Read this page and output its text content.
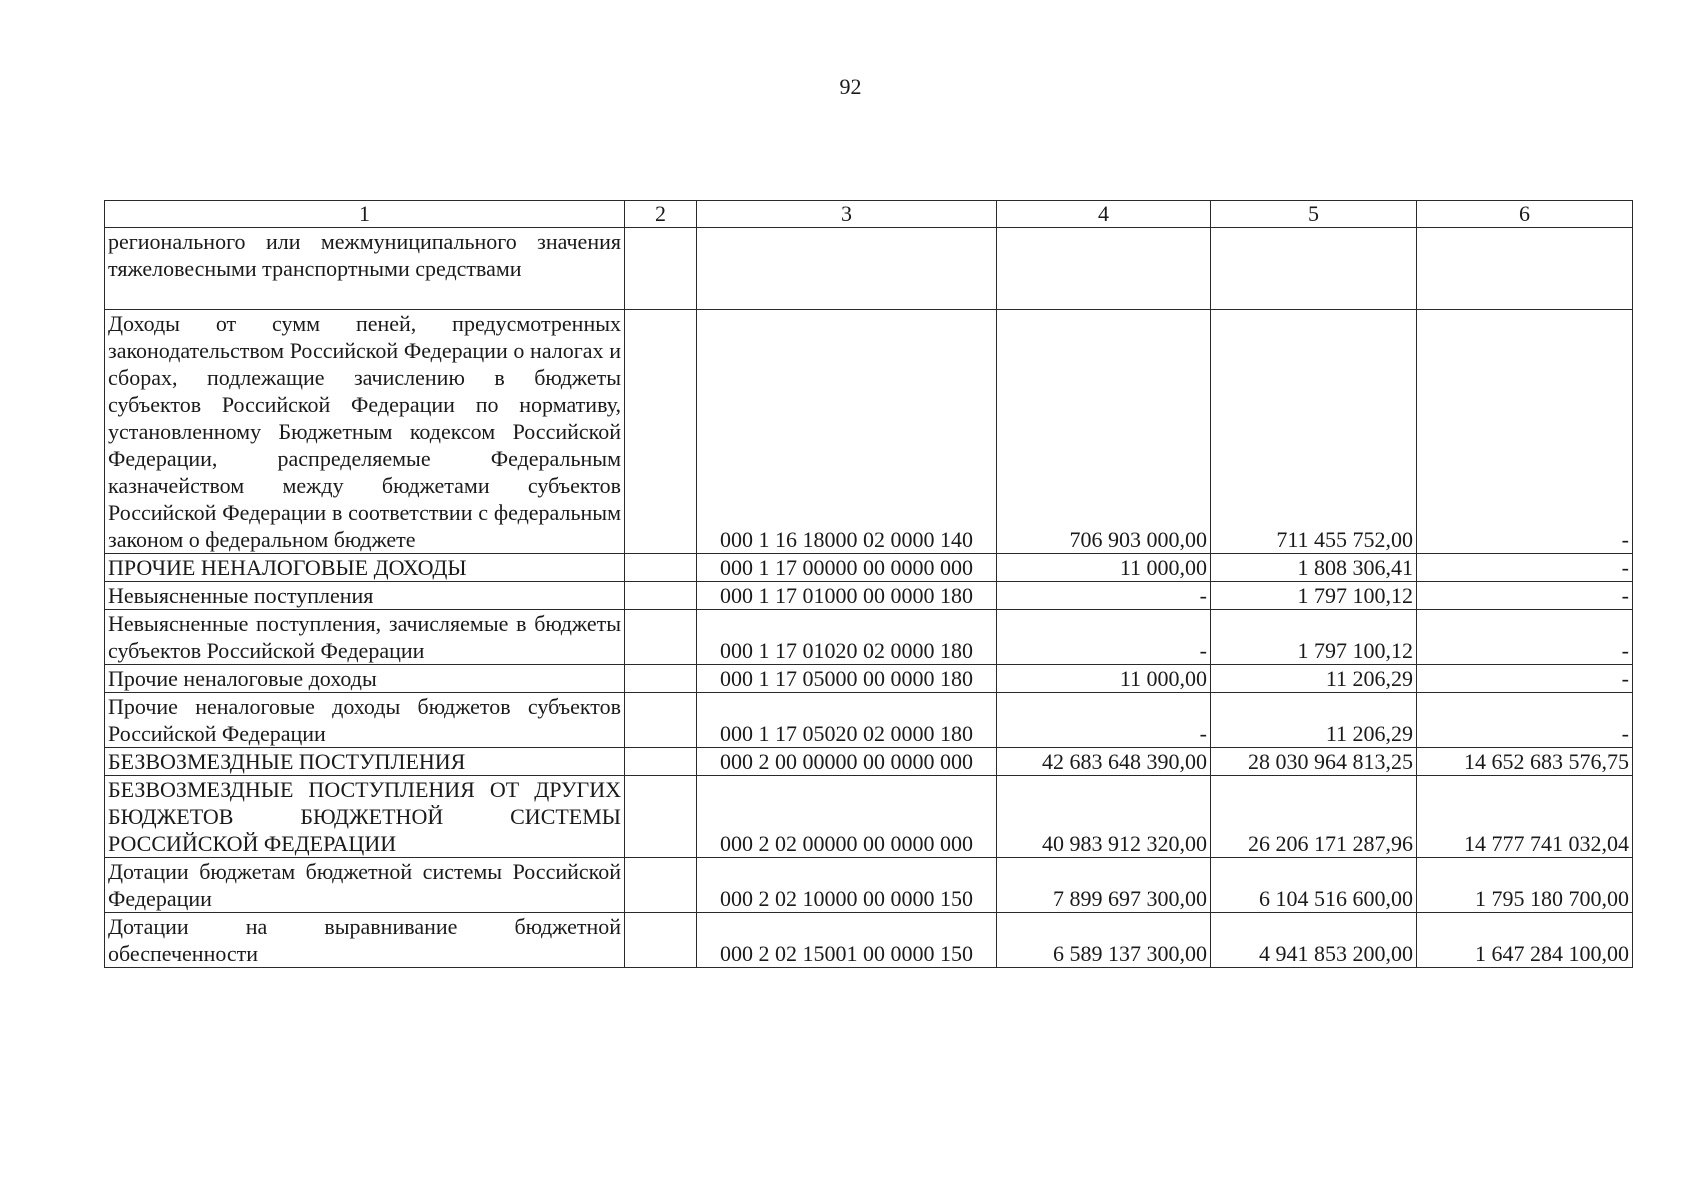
92
1	2	3	4	5	6
регионального или межмуниципального значения тяжеловесными транспортными средствами					
Доходы от сумм пеней, предусмотренных законодательством Российской Федерации о налогах и сборах, подлежащие зачислению в бюджеты субъектов Российской Федерации по нормативу, установленному Бюджетным кодексом Российской Федерации, распределяемые Федеральным казначейством между бюджетами субъектов Российской Федерации в соответствии с федеральным законом о федеральном бюджете		000 1 16 18000 02 0000 140	706 903 000,00	711 455 752,00	-
ПРОЧИЕ НЕНАЛОГОВЫЕ ДОХОДЫ		000 1 17 00000 00 0000 000	11 000,00	1 808 306,41	-
Невыясненные поступления		000 1 17 01000 00 0000 180	-	1 797 100,12	-
Невыясненные поступления, зачисляемые в бюджеты субъектов Российской Федерации		000 1 17 01020 02 0000 180	-	1 797 100,12	-
Прочие неналоговые доходы		000 1 17 05000 00 0000 180	11 000,00	11 206,29	-
Прочие неналоговые доходы бюджетов субъектов Российской Федерации		000 1 17 05020 02 0000 180	-	11 206,29	-
БЕЗВОЗМЕЗДНЫЕ ПОСТУПЛЕНИЯ		000 2 00 00000 00 0000 000	42 683 648 390,00	28 030 964 813,25	14 652 683 576,75
БЕЗВОЗМЕЗДНЫЕ ПОСТУПЛЕНИЯ ОТ ДРУГИХ БЮДЖЕТОВ БЮДЖЕТНОЙ СИСТЕМЫ РОССИЙСКОЙ ФЕДЕРАЦИИ		000 2 02 00000 00 0000 000	40 983 912 320,00	26 206 171 287,96	14 777 741 032,04
Дотации бюджетам бюджетной системы Российской Федерации		000 2 02 10000 00 0000 150	7 899 697 300,00	6 104 516 600,00	1 795 180 700,00
Дотации на выравнивание бюджетной обеспеченности		000 2 02 15001 00 0000 150	6 589 137 300,00	4 941 853 200,00	1 647 284 100,00
